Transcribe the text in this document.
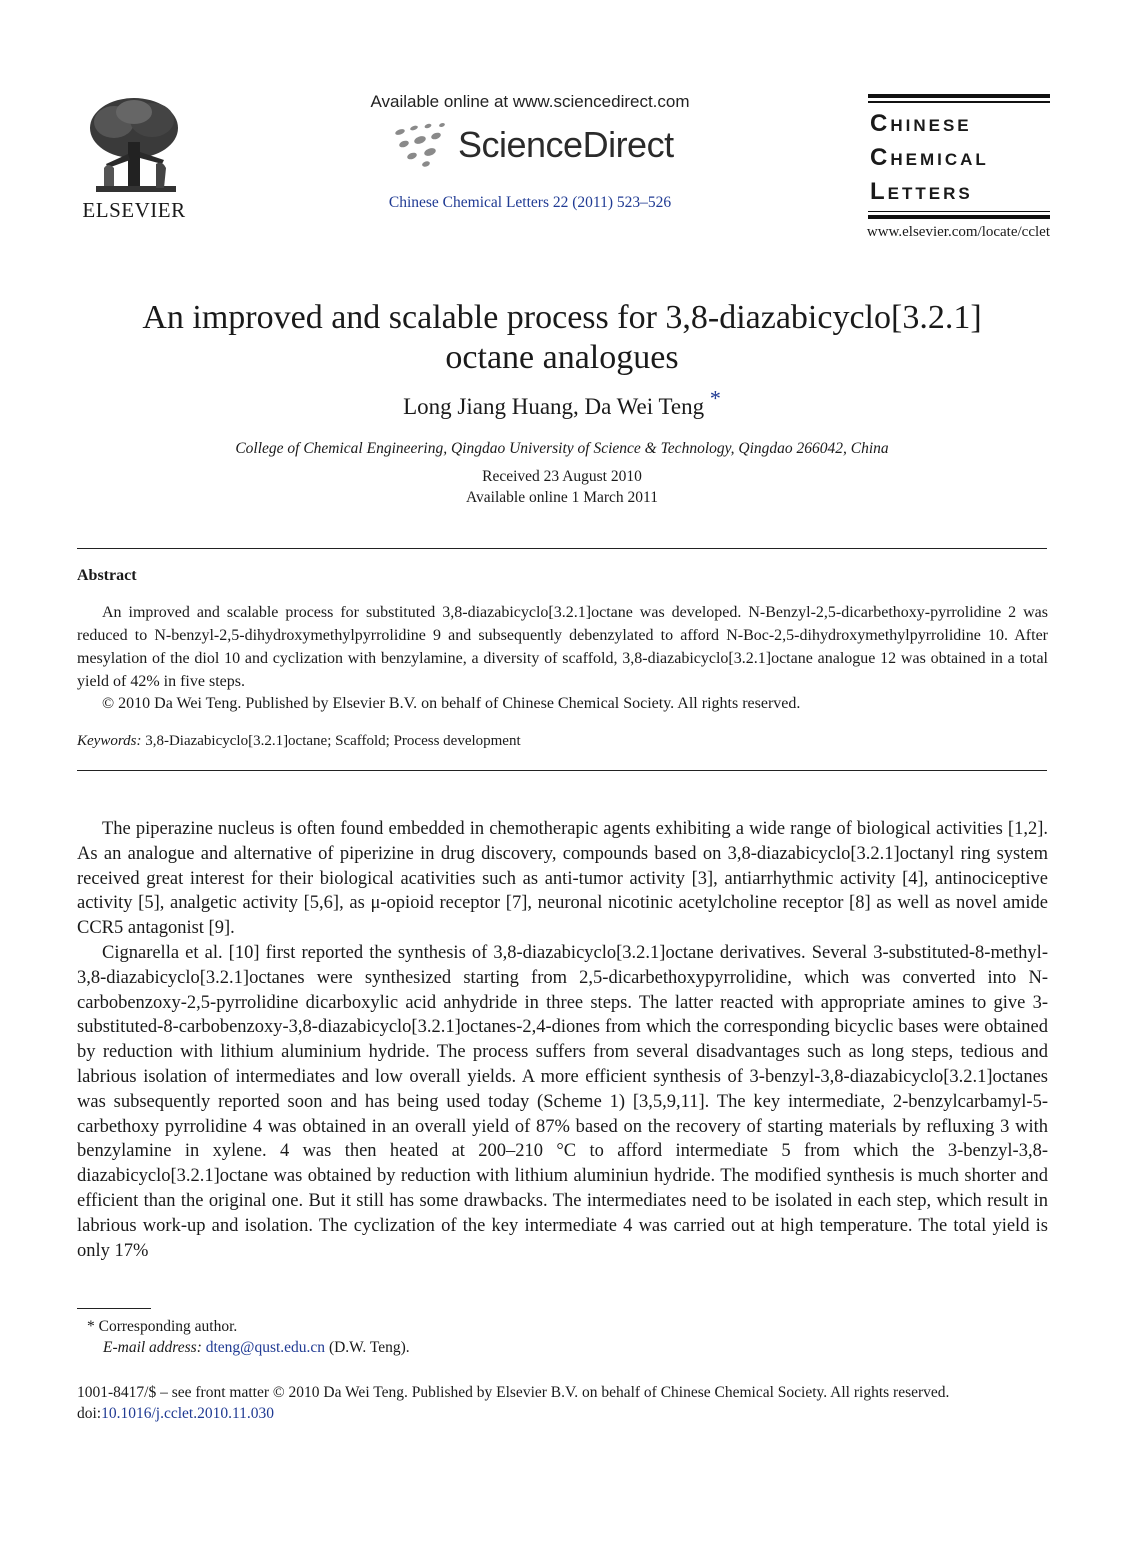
ELSEVIER
Available online at www.sciencedirect.com
ScienceDirect
Chinese Chemical Letters 22 (2011) 523–526
Chinese
Chemical
Letters
www.elsevier.com/locate/cclet
An improved and scalable process for 3,8-diazabicyclo[3.2.1]
octane analogues
Long Jiang Huang, Da Wei Teng *
College of Chemical Engineering, Qingdao University of Science & Technology, Qingdao 266042, China
Received 23 August 2010
Available online 1 March 2011
Abstract
An improved and scalable process for substituted 3,8-diazabicyclo[3.2.1]octane was developed. N-Benzyl-2,5-dicarbethoxy-pyrrolidine 2 was reduced to N-benzyl-2,5-dihydroxymethylpyrrolidine 9 and subsequently debenzylated to afford N-Boc-2,5-dihydroxymethylpyrrolidine 10. After mesylation of the diol 10 and cyclization with benzylamine, a diversity of scaffold, 3,8-diazabicyclo[3.2.1]octane analogue 12 was obtained in a total yield of 42% in five steps.
© 2010 Da Wei Teng. Published by Elsevier B.V. on behalf of Chinese Chemical Society. All rights reserved.
Keywords: 3,8-Diazabicyclo[3.2.1]octane; Scaffold; Process development

The piperazine nucleus is often found embedded in chemotherapic agents exhibiting a wide range of biological activities [1,2]. As an analogue and alternative of piperizine in drug discovery, compounds based on 3,8-diazabicyclo[3.2.1]octanyl ring system received great interest for their biological acativities such as anti-tumor activity [3], antiarrhythmic activity [4], antinociceptive activity [5], analgetic activity [5,6], as μ-opioid receptor [7], neuronal nicotinic acetylcholine receptor [8] as well as novel amide CCR5 antagonist [9].

Cignarella et al. [10] first reported the synthesis of 3,8-diazabicyclo[3.2.1]octane derivatives. Several 3-substituted-8-methyl-3,8-diazabicyclo[3.2.1]octanes were synthesized starting from 2,5-dicarbethoxypyrrolidine, which was converted into N-carbobenzoxy-2,5-pyrrolidine dicarboxylic acid anhydride in three steps. The latter reacted with appropriate amines to give 3-substituted-8-carbobenzoxy-3,8-diazabicyclo[3.2.1]octanes-2,4-diones from which the corresponding bicyclic bases were obtained by reduction with lithium aluminium hydride. The process suffers from several disadvantages such as long steps, tedious and labrious isolation of intermediates and low overall yields. A more efficient synthesis of 3-benzyl-3,8-diazabicyclo[3.2.1]octanes was subsequently reported soon and has being used today (Scheme 1) [3,5,9,11]. The key intermediate, 2-benzylcarbamyl-5-carbethoxy pyrrolidine 4 was obtained in an overall yield of 87% based on the recovery of starting materials by refluxing 3 with benzylamine in xylene. 4 was then heated at 200–210 °C to afford intermediate 5 from which the 3-benzyl-3,8-diazabicyclo[3.2.1]octane was obtained by reduction with lithium aluminiun hydride. The modified synthesis is much shorter and efficient than the original one. But it still has some drawbacks. The intermediates need to be isolated in each step, which result in labrious work-up and isolation. The cyclization of the key intermediate 4 was carried out at high temperature. The total yield is only 17%

* Corresponding author.
E-mail address: dteng@qust.edu.cn (D.W. Teng).
1001-8417/$ – see front matter © 2010 Da Wei Teng. Published by Elsevier B.V. on behalf of Chinese Chemical Society. All rights reserved.
doi:10.1016/j.cclet.2010.11.030
